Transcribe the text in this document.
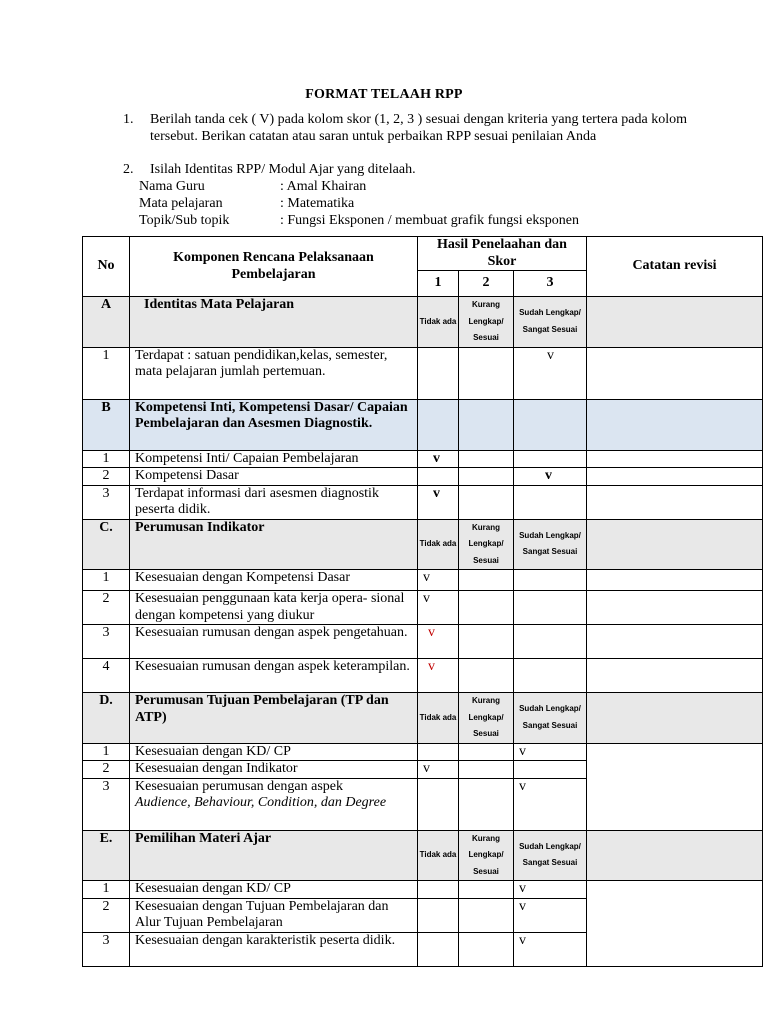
FORMAT TELAAH RPP
1. Berilah tanda cek ( V) pada kolom skor (1, 2, 3 ) sesuai dengan kriteria yang tertera pada kolom tersebut. Berikan catatan atau saran untuk perbaikan RPP sesuai penilaian Anda
2. Isilah Identitas RPP/ Modul Ajar yang ditelaah.
Nama Guru	: Amal Khairan
Mata pelajaran	: Matematika
Topik/Sub topik	: Fungsi Eksponen / membuat grafik fungsi eksponen
No	Komponen Rencana Pelaksanaan Pembelajaran	Hasil Penelaahan dan Skor			Catatan revisi
		1	2	3	
A	Identitas Mata Pelajaran	Tidak ada	Kurang Lengkap/ Sesuai	Sudah Lengkap/ Sangat Sesuai	
1	Terdapat : satuan pendidikan,kelas, semester, mata pelajaran jumlah pertemuan.			v	
B	Kompetensi Inti, Kompetensi Dasar/ Capaian Pembelajaran dan Asesmen Diagnostik.				
1	Kompetensi Inti/ Capaian Pembelajaran	v			
2	Kompetensi Dasar			v	
3	Terdapat informasi dari asesmen diagnostik peserta didik.	v			
C.	Perumusan Indikator	Tidak ada	Kurang Lengkap/ Sesuai	Sudah Lengkap/ Sangat Sesuai	
1	Kesesuaian dengan Kompetensi Dasar	v			
2	Kesesuaian penggunaan kata kerja opera- sional dengan kompetensi yang diukur	v			
3	Kesesuaian rumusan dengan aspek pengetahuan.	v			
4	Kesesuaian rumusan dengan aspek keterampilan.	v			
D.	Perumusan Tujuan Pembelajaran (TP dan ATP)	Tidak ada	Kurang Lengkap/ Sesuai	Sudah Lengkap/ Sangat Sesuai	
1	Kesesuaian dengan KD/ CP			v	
2	Kesesuaian dengan Indikator	v			
3	Kesesuaian perumusan dengan aspek
Audience, Behaviour, Condition, dan Degree			v	
E.	Pemilihan Materi Ajar	Tidak ada	Kurang Lengkap/ Sesuai	Sudah Lengkap/ Sangat Sesuai	
1	Kesesuaian dengan KD/ CP			v	
2	Kesesuaian dengan Tujuan Pembelajaran dan Alur Tujuan Pembelajaran			v	
3	Kesesuaian dengan karakteristik peserta didik.			v	
